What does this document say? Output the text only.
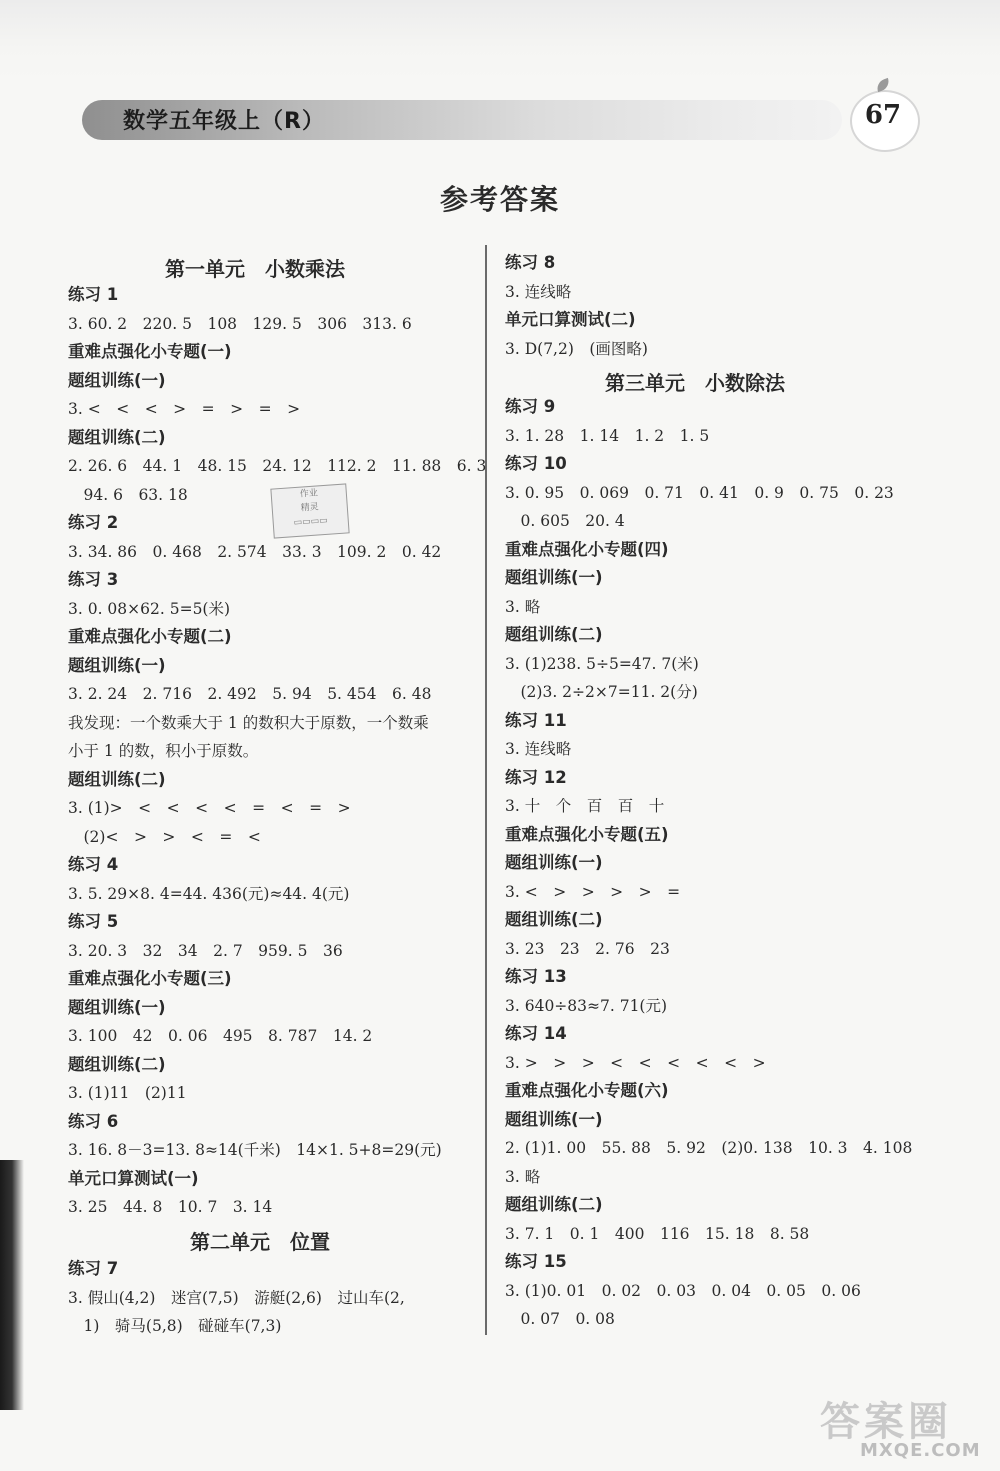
数学五年级上（R）	67
参考答案
第一单元　小数乘法
第二单元　位置
第三单元　小数除法
练习 1
3. 60. 2　220. 5　108　129. 5　306　313. 6
重难点强化小专题(一)
题组训练(一)
3. <　<　<　>　=　>　=　>
题组训练(二)
2. 26. 6　44. 1　48. 15　24. 12　112. 2　11. 88　6. 3
　94. 6　63. 18
练习 2
3. 34. 86　0. 468　2. 574　33. 3　109. 2　0. 42
练习 3
3. 0. 08×62. 5=5(米)
重难点强化小专题(二)
题组训练(一)
3. 2. 24　2. 716　2. 492　5. 94　5. 454　6. 48
我发现：一个数乘大于 1 的数积大于原数，一个数乘
小于 1 的数，积小于原数。
题组训练(二)
3. (1)>　<　<　<　<　=　<　=　>
　(2)<　>　>　<　=　<
练习 4
3. 5. 29×8. 4=44. 436(元)≈44. 4(元)
练习 5
3. 20. 3　32　34　2. 7　959. 5　36
重难点强化小专题(三)
题组训练(一)
3. 100　42　0. 06　495　8. 787　14. 2
题组训练(二)
3. (1)11　(2)11
练习 6
3. 16. 8－3=13. 8≈14(千米)　14×1. 5+8=29(元)
单元口算测试(一)
3. 25　44. 8　10. 7　3. 14
练习 7
3. 假山(4,2)　迷宫(7,5)　游艇(2,6)　过山车(2,
　1)　骑马(5,8)　碰碰车(7,3)
练习 8
3. 连线略
单元口算测试(二)
3. D(7,2)　(画图略)
练习 9
3. 1. 28　1. 14　1. 2　1. 5
练习 10
3. 0. 95　0. 069　0. 71　0. 41　0. 9　0. 75　0. 23
　0. 605　20. 4
重难点强化小专题(四)
题组训练(一)
3. 略
题组训练(二)
3. (1)238. 5÷5=47. 7(米)
　(2)3. 2÷2×7=11. 2(分)
练习 11
3. 连线略
练习 12
3. 十　个　百　百　十
重难点强化小专题(五)
题组训练(一)
3. <　>　>　>　>　=
题组训练(二)
3. 23　23　2. 76　23
练习 13
3. 640÷83≈7. 71(元)
练习 14
3. >　>　>　<　<　<　<　<　>
重难点强化小专题(六)
题组训练(一)
2. (1)1. 00　55. 88　5. 92　(2)0. 138　10. 3　4. 108
3. 略
题组训练(二)
3. 7. 1　0. 1　400　116　15. 18　8. 58
练习 15
3. (1)0. 01　0. 02　0. 03　0. 04　0. 05　0. 06
　0. 07　0. 08
作业
精灵
▭▭▭▭
答案圈
MXQE.COM
